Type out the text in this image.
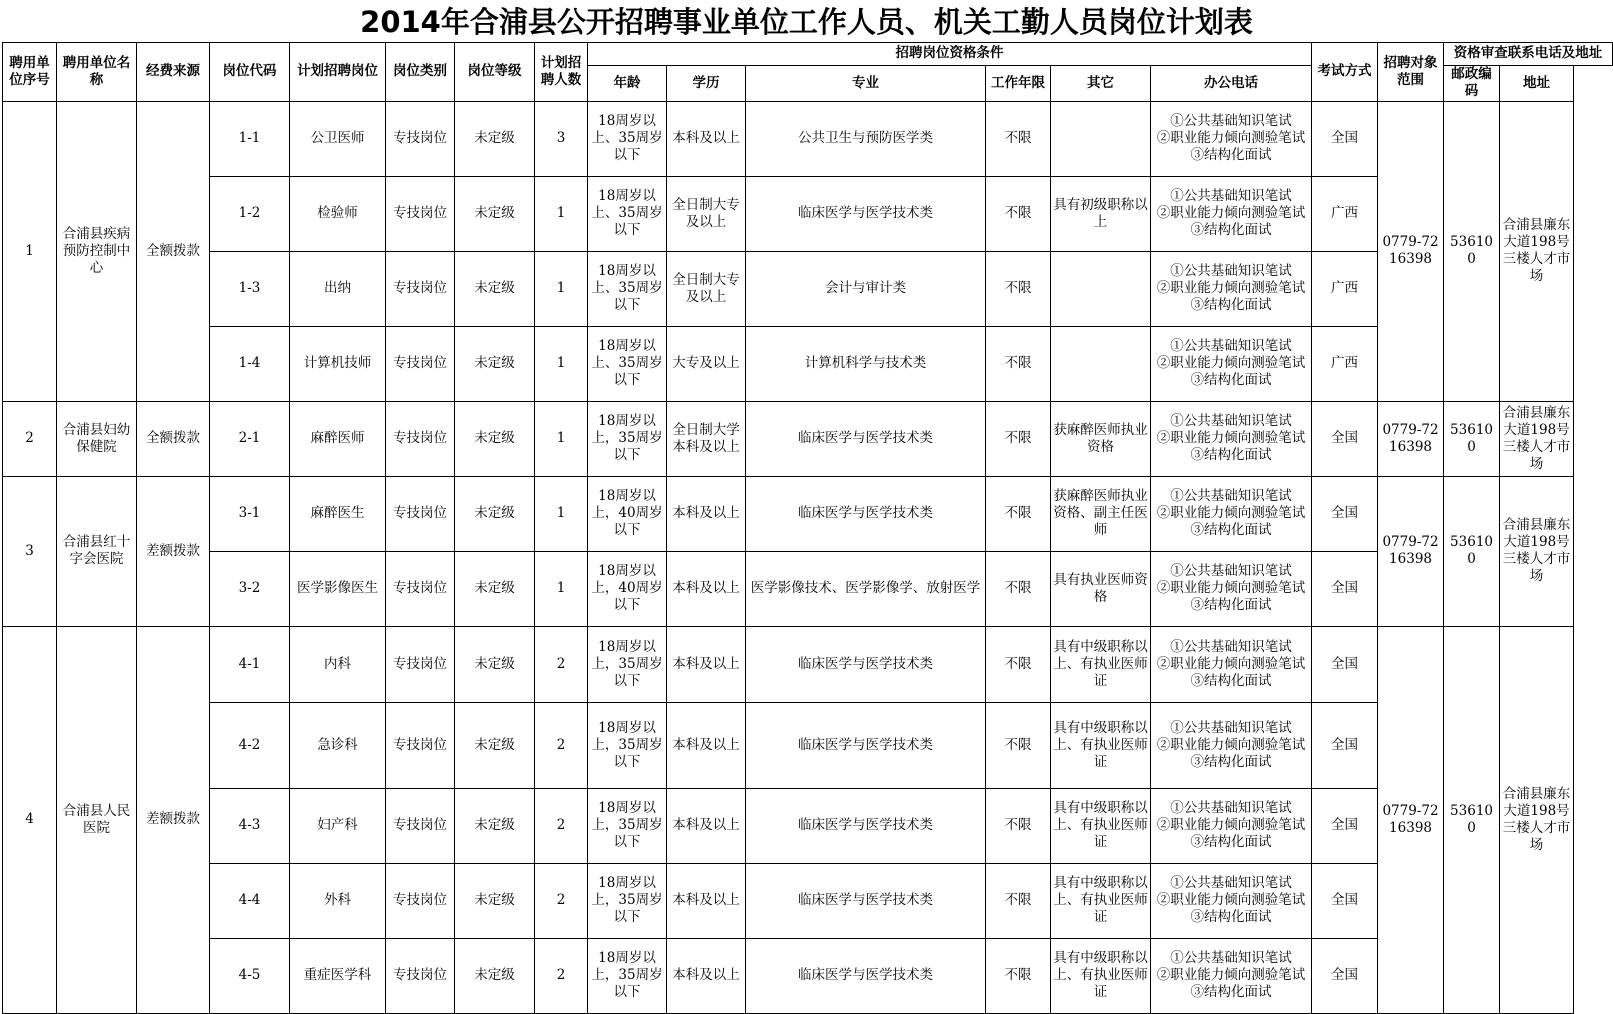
2014年合浦县公开招聘事业单位工作人员、机关工勤人员岗位计划表
聘用单位序号	聘用单位名称	经费来源	岗位代码	计划招聘岗位	岗位类别	岗位等级	计划招聘人数	招聘岗位资格条件						考试方式	招聘对象范围	资格审查联系电话及地址	
								年龄	学历	专业	工作年限	其它	办公电话			邮政编码	地址
1	合浦县疾病预防控制中心	全额拨款	1-1	公卫医师	专技岗位	未定级	3	18周岁以上、35周岁以下	本科及以上	公共卫生与预防医学类	不限		①公共基础知识笔试
②职业能力倾向测验笔试
③结构化面试	全国	0779-7216398	536100	合浦县廉东大道198号三楼人才市场
			1-2	检验师	专技岗位	未定级	1	18周岁以上、35周岁以下	全日制大专及以上	临床医学与医学技术类	不限	具有初级职称以上	①公共基础知识笔试
②职业能力倾向测验笔试
③结构化面试	广西			
			1-3	出纳	专技岗位	未定级	1	18周岁以上、35周岁以下	全日制大专及以上	会计与审计类	不限		①公共基础知识笔试
②职业能力倾向测验笔试
③结构化面试	广西			
			1-4	计算机技师	专技岗位	未定级	1	18周岁以上、35周岁以下	大专及以上	计算机科学与技术类	不限		①公共基础知识笔试
②职业能力倾向测验笔试
③结构化面试	广西			
2	合浦县妇幼保健院	全额拨款	2-1	麻醉医师	专技岗位	未定级	1	18周岁以上，35周岁以下	全日制大学本科及以上	临床医学与医学技术类	不限	获麻醉医师执业资格	①公共基础知识笔试
②职业能力倾向测验笔试
③结构化面试	全国	0779-7216398	536100	合浦县廉东大道198号三楼人才市场
3	合浦县红十字会医院	差额拨款	3-1	麻醉医生	专技岗位	未定级	1	18周岁以上，40周岁以下	本科及以上	临床医学与医学技术类	不限	获麻醉医师执业资格、副主任医师	①公共基础知识笔试
②职业能力倾向测验笔试
③结构化面试	全国	0779-7216398	536100	合浦县廉东大道198号三楼人才市场
			3-2	医学影像医生	专技岗位	未定级	1	18周岁以上，40周岁以下	本科及以上	医学影像技术、医学影像学、放射医学	不限	具有执业医师资格	①公共基础知识笔试
②职业能力倾向测验笔试
③结构化面试	全国			
4	合浦县人民医院	差额拨款	4-1	内科	专技岗位	未定级	2	18周岁以上，35周岁以下	本科及以上	临床医学与医学技术类	不限	具有中级职称以上、有执业医师证	①公共基础知识笔试
②职业能力倾向测验笔试
③结构化面试	全国	0779-7216398	536100	合浦县廉东大道198号三楼人才市场
			4-2	急诊科	专技岗位	未定级	2	18周岁以上，35周岁以下	本科及以上	临床医学与医学技术类	不限	具有中级职称以上、有执业医师证	①公共基础知识笔试
②职业能力倾向测验笔试
③结构化面试	全国			
			4-3	妇产科	专技岗位	未定级	2	18周岁以上，35周岁以下	本科及以上	临床医学与医学技术类	不限	具有中级职称以上、有执业医师证	①公共基础知识笔试
②职业能力倾向测验笔试
③结构化面试	全国			
			4-4	外科	专技岗位	未定级	2	18周岁以上，35周岁以下	本科及以上	临床医学与医学技术类	不限	具有中级职称以上、有执业医师证	①公共基础知识笔试
②职业能力倾向测验笔试
③结构化面试	全国			
			4-5	重症医学科	专技岗位	未定级	2	18周岁以上，35周岁以下	本科及以上	临床医学与医学技术类	不限	具有中级职称以上、有执业医师证	①公共基础知识笔试
②职业能力倾向测验笔试
③结构化面试	全国			
